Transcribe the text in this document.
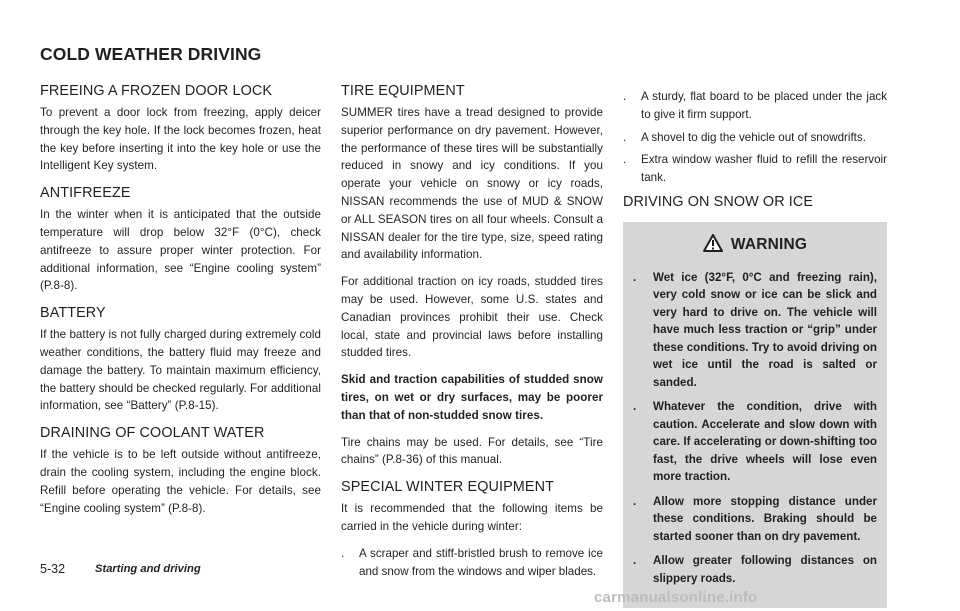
COLD WEATHER DRIVING
FREEING A FROZEN DOOR LOCK

To prevent a door lock from freezing, apply deicer through the key hole. If the lock becomes frozen, heat the key before inserting it into the key hole or use the Intelligent Key system.

ANTIFREEZE

In the winter when it is anticipated that the outside temperature will drop below 32°F (0°C), check antifreeze to assure proper winter protection. For additional information, see “Engine cooling system” (P.8-8).

BATTERY

If the battery is not fully charged during extremely cold weather conditions, the battery fluid may freeze and damage the battery. To maintain maximum efficiency, the battery should be checked regularly. For additional information, see “Battery” (P.8-15).

DRAINING OF COOLANT WATER

If the vehicle is to be left outside without antifreeze, drain the cooling system, including the engine block. Refill before operating the vehicle. For details, see “Engine cooling system” (P.8-8).

TIRE EQUIPMENT

SUMMER tires have a tread designed to provide superior performance on dry pavement. However, the performance of these tires will be substantially reduced in snowy and icy conditions. If you operate your vehicle on snowy or icy roads, NISSAN recommends the use of MUD & SNOW or ALL SEASON tires on all four wheels. Consult a NISSAN dealer for the tire type, size, speed rating and availability information.

For additional traction on icy roads, studded tires may be used. However, some U.S. states and Canadian provinces prohibit their use. Check local, state and provincial laws before installing studded tires.

Skid and traction capabilities of studded snow tires, on wet or dry surfaces, may be poorer than that of non-studded snow tires.

Tire chains may be used. For details, see “Tire chains” (P.8-36) of this manual.

SPECIAL WINTER EQUIPMENT

It is recommended that the following items be carried in the vehicle during winter:

. A scraper and stiff-bristled brush to remove ice and snow from the windows and wiper blades.
. A sturdy, flat board to be placed under the jack to give it firm support.
. A shovel to dig the vehicle out of snowdrifts.
. Extra window washer fluid to refill the reservoir tank.
DRIVING ON SNOW OR ICE
WARNING
. Wet ice (32°F, 0°C and freezing rain), very cold snow or ice can be slick and very hard to drive on. The vehicle will have much less traction or “grip” under these conditions. Try to avoid driving on wet ice until the road is salted or sanded.
. Whatever the condition, drive with caution. Accelerate and slow down with care. If accelerating or down-shifting too fast, the drive wheels will lose even more traction.
. Allow more stopping distance under these conditions. Braking should be started sooner than on dry pavement.
. Allow greater following distances on slippery roads.
5-32	Starting and driving
carmanualsonline.info
